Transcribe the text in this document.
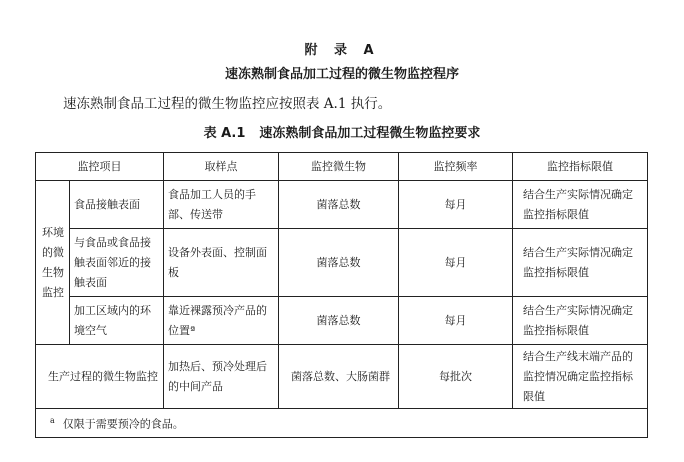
附 录 A
速冻熟制食品加工过程的微生物监控程序
速冻熟制食品工过程的微生物监控应按照表 A.1 执行。
表 A.1 速冻熟制食品加工过程微生物监控要求
监控项目		取样点	监控微生物	监控频率	监控指标限值

环境的微生物监控	食品接触表面	食品加工人员的手部、传送带	菌落总数	每月	结合生产实际情况确定监控指标限值
	与食品或食品接触表面邻近的接触表面	设备外表面、控制面板	菌落总数	每月	结合生产实际情况确定监控指标限值
	加工区域内的环境空气	靠近裸露预冷产品的位置ª	菌落总数	每月	结合生产实际情况确定监控指标限值
生产过程的微生物监控		加热后、预冷处理后的中间产品	菌落总数、大肠菌群	每批次	结合生产线末端产品的监控情况确定监控指标限值
$^a$ 仅限于需要预冷的食品。					
